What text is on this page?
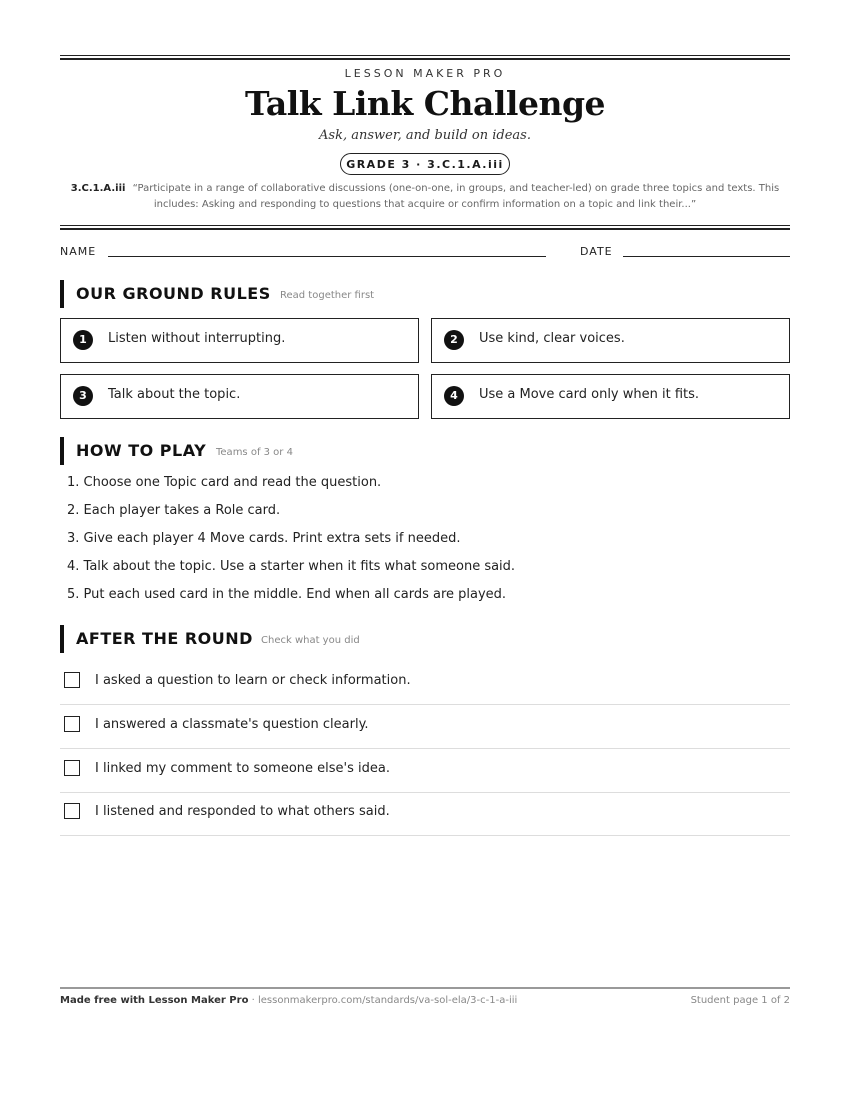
LESSON MAKER PRO
Talk Link Challenge
Ask, answer, and build on ideas.
GRADE 3 · 3.C.1.A.iii
3.C.1.A.iii “Participate in a range of collaborative discussions (one-on-one, in groups, and teacher-led) on grade three topics and texts. This includes: Asking and responding to questions that acquire or confirm information on a topic and link their...”
NAME	DATE
OUR GROUND RULES Read together first
1	Listen without interrupting.	2	Use kind, clear voices.
3	Talk about the topic.	4	Use a Move card only when it fits.
HOW TO PLAY Teams of 3 or 4
1. Choose one Topic card and read the question.
2. Each player takes a Role card.
3. Give each player 4 Move cards. Print extra sets if needed.
4. Talk about the topic. Use a starter when it fits what someone said.
5. Put each used card in the middle. End when all cards are played.
AFTER THE ROUND Check what you did
I asked a question to learn or check information.
I answered a classmate's question clearly.
I linked my comment to someone else's idea.
I listened and responded to what others said.
Made free with Lesson Maker Pro · lessonmakerpro.com/standards/va-sol-ela/3-c-1-a-iii	Student page 1 of 2
